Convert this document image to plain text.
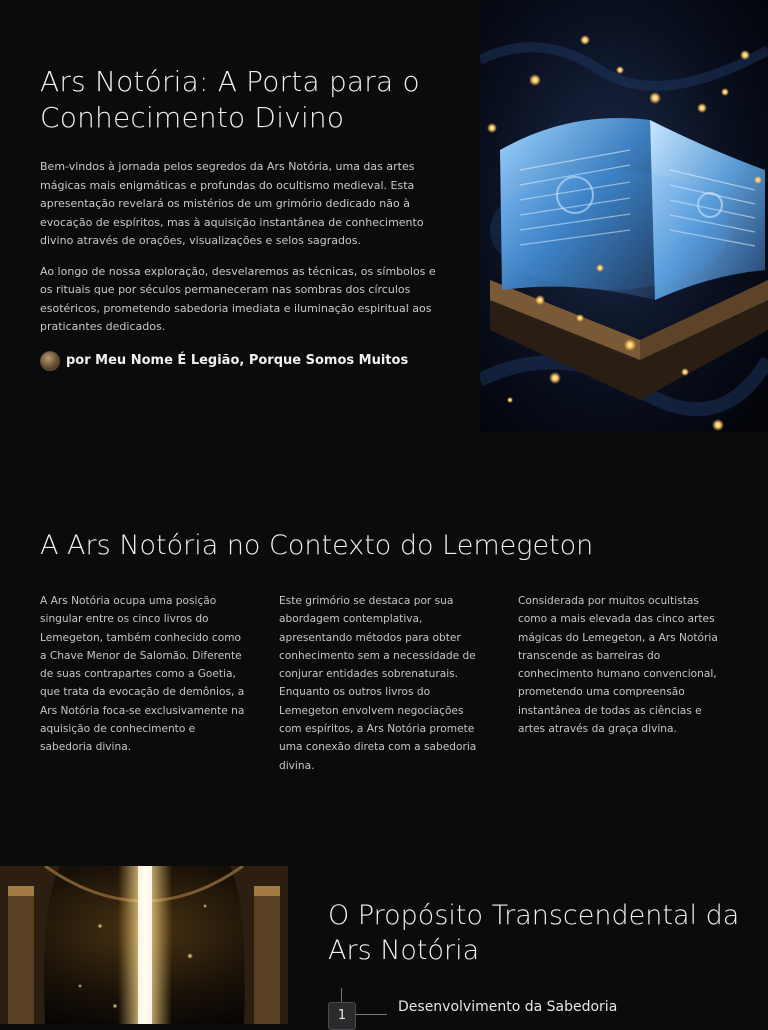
Ars Notória: A Porta para o Conhecimento Divino

Bem-vindos à jornada pelos segredos da Ars Notória, uma das artes mágicas mais enigmáticas e profundas do ocultismo medieval. Esta apresentação revelará os mistérios de um grimório dedicado não à evocação de espíritos, mas à aquisição instantânea de conhecimento divino através de orações, visualizações e selos sagrados.

Ao longo de nossa exploração, desvelaremos as técnicas, os símbolos e os rituais que por séculos permaneceram nas sombras dos círculos esotéricos, prometendo sabedoria imediata e iluminação espiritual aos praticantes dedicados.

por Meu Nome É Legião, Porque Somos Muitos
A Ars Notória no Contexto do Lemegeton

A Ars Notória ocupa uma posição singular entre os cinco livros do Lemegeton, também conhecido como a Chave Menor de Salomão. Diferente de suas contrapartes como a Goetia, que trata da evocação de demônios, a Ars Notória foca-se exclusivamente na aquisição de conhecimento e sabedoria divina.

Este grimório se destaca por sua abordagem contemplativa, apresentando métodos para obter conhecimento sem a necessidade de conjurar entidades sobrenaturais. Enquanto os outros livros do Lemegeton envolvem negociações com espíritos, a Ars Notória promete uma conexão direta com a sabedoria divina.

Considerada por muitos ocultistas como a mais elevada das cinco artes mágicas do Lemegeton, a Ars Notória transcende as barreiras do conhecimento humano convencional, prometendo uma compreensão instantânea de todas as ciências e artes através da graça divina.

O Propósito Transcendental da Ars Notória
1
Desenvolvimento da Sabedoria
